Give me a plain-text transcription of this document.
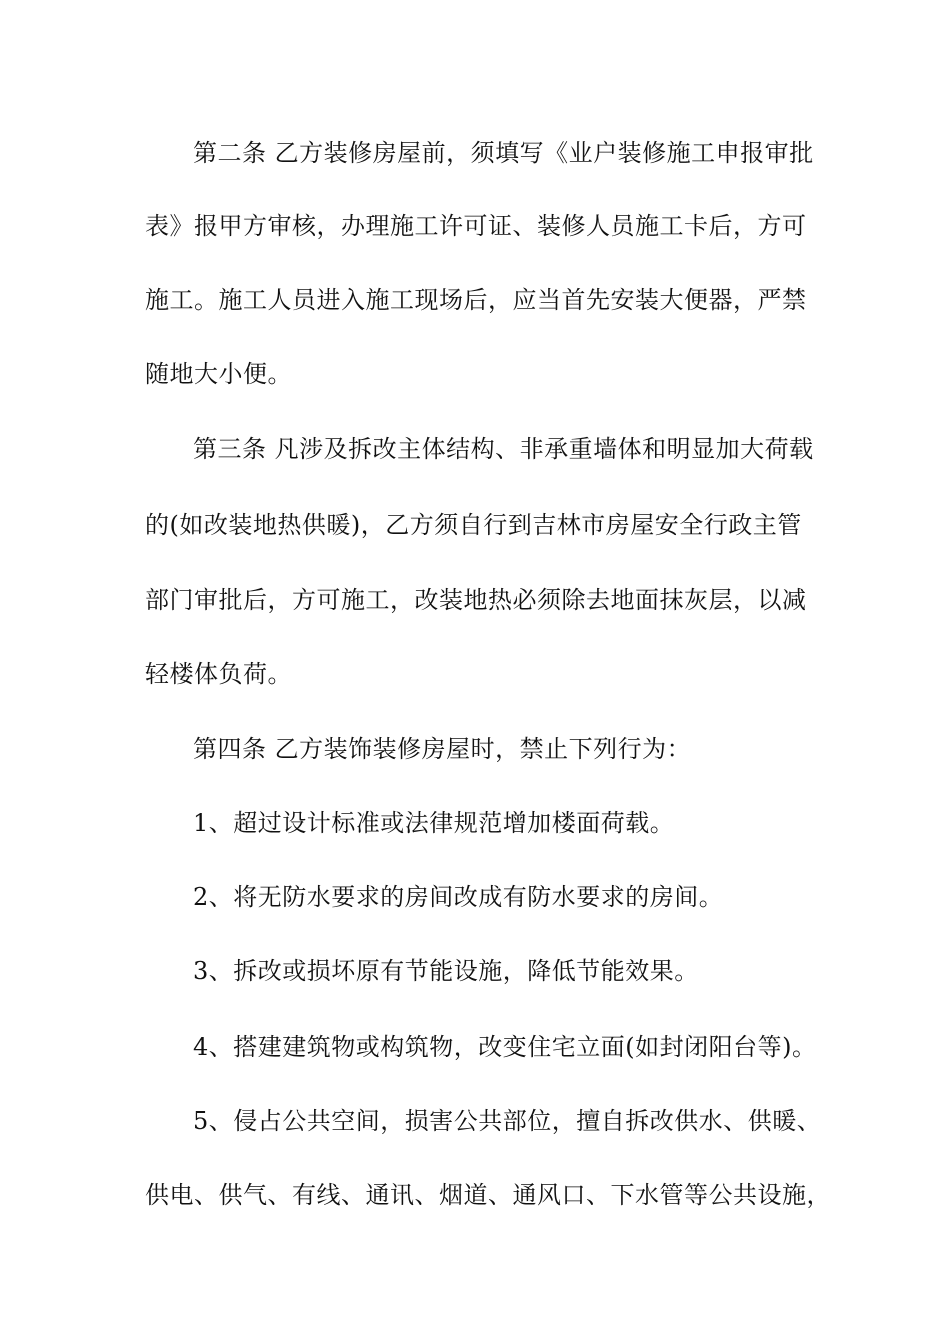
第二条 乙方装修房屋前，须填写《业户装修施工申报审批
表》报甲方审核，办理施工许可证、装修人员施工卡后，方可
施工。施工人员进入施工现场后，应当首先安装大便器，严禁
随地大小便。
第三条 凡涉及拆改主体结构、非承重墙体和明显加大荷载
的(如改装地热供暖)，乙方须自行到吉林市房屋安全行政主管
部门审批后，方可施工，改装地热必须除去地面抹灰层，以减
轻楼体负荷。
第四条 乙方装饰装修房屋时，禁止下列行为：
1、超过设计标准或法律规范增加楼面荷载。
2、将无防水要求的房间改成有防水要求的房间。
3、拆改或损坏原有节能设施，降低节能效果。
4、搭建建筑物或构筑物，改变住宅立面(如封闭阳台等)。
5、侵占公共空间，损害公共部位，擅自拆改供水、供暖、
供电、供气、有线、通讯、烟道、通风口、下水管等公共设施，
